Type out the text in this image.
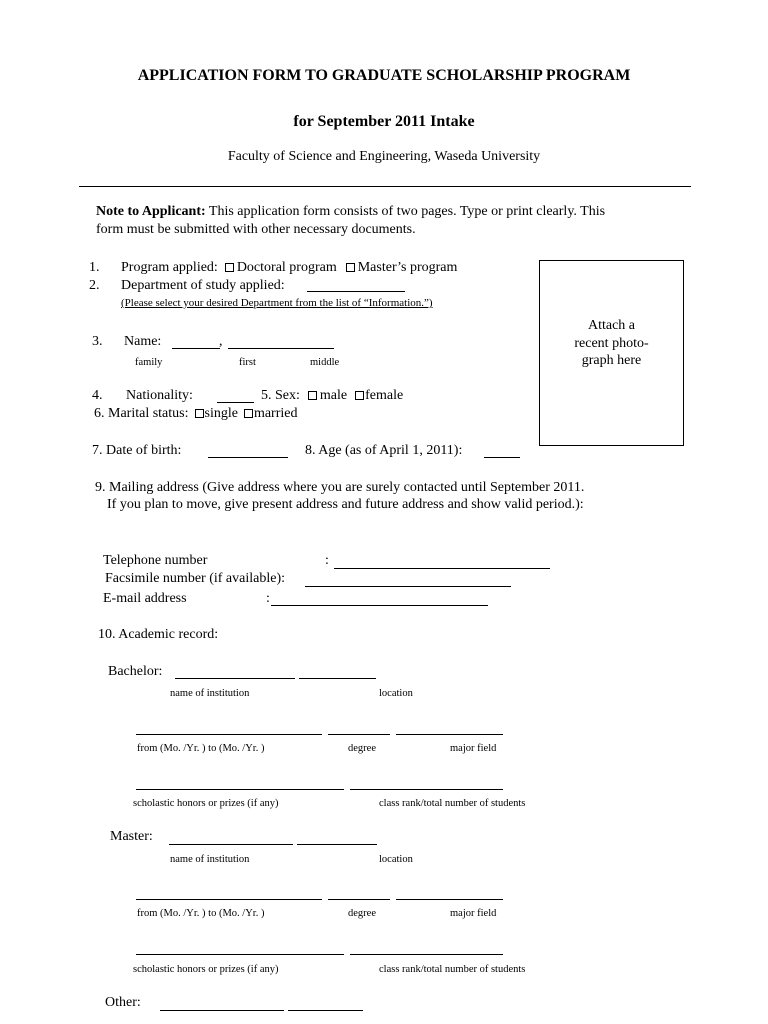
APPLICATION FORM TO GRADUATE SCHOLARSHIP PROGRAM
for September 2011 Intake
Faculty of Science and Engineering, Waseda University
Note to Applicant: This application form consists of two pages. Type or print clearly. This
form must be submitted with other necessary documents.
Attach a
recent photo-
graph here
1. Program applied: Doctoral program Master’s program
2. Department of study applied:
(Please select your desired Department from the list of “Information.”)
3. Name:	,
family	first	middle
4. Nationality:	5. Sex: male female
6. Marital status: single married
7. Date of birth:	8. Age (as of April 1, 2011):
9. Mailing address (Give address where you are surely contacted until September 2011.
If you plan to move, give present address and future address and show valid period.):
Telephone number	:
Facsimile number (if available):
E-mail address	:
10. Academic record:
Bachelor:
name of institution	location
from (Mo. /Yr. ) to (Mo. /Yr. )	degree	major field
scholastic honors or prizes (if any)	class rank/total number of students
Master:
name of institution	location
from (Mo. /Yr. ) to (Mo. /Yr. )	degree	major field
scholastic honors or prizes (if any)	class rank/total number of students
Other:
